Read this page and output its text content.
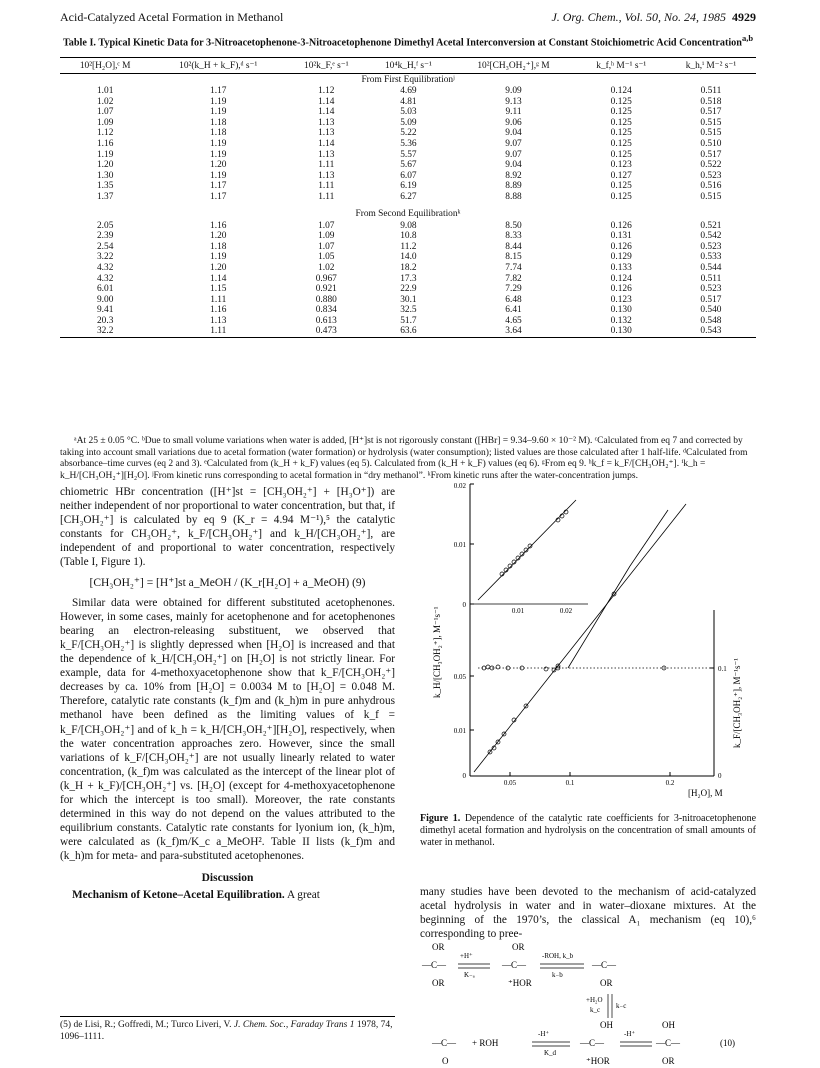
Acid-Catalyzed Acetal Formation in Methanol	J. Org. Chem., Vol. 50, No. 24, 1985 4929
Table I. Typical Kinetic Data for 3-Nitroacetophenone-3-Nitroacetophenone Dimethyl Acetal Interconversion at Constant Stoichiometric Acid Concentration$^{a,b}$
10²[H₂O],ᶜ M	10²(k_H + k_F),ᵈ s⁻¹	10²k_F,ᵉ s⁻¹	10⁴k_H,ᶠ s⁻¹	10²[CH₃OH₂⁺],ᵍ M	k_f,ʰ M⁻¹ s⁻¹	k_h,ⁱ M⁻² s⁻¹
From First Equilibrationʲ						
1.01	1.17	1.12	4.69	9.09	0.124	0.511
1.02	1.19	1.14	4.81	9.13	0.125	0.518
1.07	1.19	1.14	5.03	9.11	0.125	0.517
1.09	1.18	1.13	5.09	9.06	0.125	0.515
1.12	1.18	1.13	5.22	9.04	0.125	0.515
1.16	1.19	1.14	5.36	9.07	0.125	0.510
1.19	1.19	1.13	5.57	9.07	0.125	0.517
1.20	1.20	1.11	5.67	9.04	0.123	0.522
1.30	1.19	1.13	6.07	8.92	0.127	0.523
1.35	1.17	1.11	6.19	8.89	0.125	0.516
1.37	1.17	1.11	6.27	8.88	0.125	0.515

From Second Equilibrationᵏ						
2.05	1.16	1.07	9.08	8.50	0.126	0.521
2.39	1.20	1.09	10.8	8.33	0.131	0.542
2.54	1.18	1.07	11.2	8.44	0.126	0.523
3.22	1.19	1.05	14.0	8.15	0.129	0.533
4.32	1.20	1.02	18.2	7.74	0.133	0.544
4.32	1.14	0.967	17.3	7.82	0.124	0.511
6.01	1.15	0.921	22.9	7.29	0.126	0.523
9.00	1.11	0.880	30.1	6.48	0.123	0.517
9.41	1.16	0.834	32.5	6.41	0.130	0.540
20.3	1.13	0.613	51.7	4.65	0.132	0.548
32.2	1.11	0.473	63.6	3.64	0.130	0.543
ᵃAt 25 ± 0.05 °C. ᵇDue to small volume variations when water is added, [H⁺]st is not rigorously constant ([HBr] = 9.34–9.60 × 10⁻² M). ᶜCalculated from eq 7 and corrected by taking into account small variations due to acetal formation (water formation) or hydrolysis (water consumption); listed values are those calculated after 1 half-life. ᵈCalculated from absorbance–time curves (eq 2 and 3). ᵉCalculated from (k_H + k_F) values (eq 5). Calculated from (k_H + k_F) values (eq 6). ᵍFrom eq 9. ʰk_f = k_F/[CH₃OH₂⁺]. ⁱk_h = k_H/[CH₃OH₂⁺][H₂O]. ʲFrom kinetic runs corresponding to acetal formation in “dry methanol”. ᵏFrom kinetic runs after the water-concentration jumps.

chiometric HBr concentration ([H⁺]st = [CH₃OH₂⁺] + [H₃O⁺]) are neither independent of nor proportional to water concentration, but that, if [CH₃OH₂⁺] is calculated by eq 9 (K_r = 4.94 M⁻¹),⁵ the catalytic constants for CH₃OH₂⁺, k_F/[CH₃OH₂⁺] and k_H/[CH₃OH₂⁺], are independent of and proportional to water concentration, respectively (Table I, Figure 1).

[CH₃OH₂⁺] = [H⁺]st a_MeOH / (K_r[H₂O] + a_MeOH) (9)

Similar data were obtained for different substituted acetophenones. However, in some cases, mainly for acetophenone and for acetophenones bearing an electron-releasing substituent, we observed that k_F/[CH₃OH₂⁺] is slightly depressed when [H₂O] is increased and that the dependence of k_H/[CH₃OH₂⁺] on [H₂O] is not strictly linear. For example, data for 4-methoxyacetophenone show that k_F/[CH₃OH₂⁺] decreases by ca. 10% from [H₂O] = 0.0034 M to [H₂O] = 0.048 M. Therefore, catalytic rate constants (k_f)m and (k_h)m in pure anhydrous methanol have been defined as the limiting values of k_f = k_F/[CH₃OH₂⁺] and of k_h = k_H/[CH₃OH₂⁺][H₂O], respectively, when the water concentration approaches zero. However, since the small variations of k_F/[CH₃OH₂⁺] are not usually linearly related to water concentration, (k_f)m was calculated as the intercept of the linear plot of (k_H + k_F)/[CH₃OH₂⁺] vs. [H₂O] (except for 4-methoxyacetophenone for which the intercept is too small). Moreover, the rate constants determined in this way do not depend on the values attributed to the equilibrium constants. Catalytic rate constants for lyonium ion, (k_h)m, were calculated as (k_f)m/K_c a_MeOH². Table II lists (k_f)m and (k_h)m for meta- and para-substituted acetophenones.

Discussion

Mechanism of Ketone–Acetal Equilibration. A great

(5) de Lisi, R.; Goffredi, M.; Turco Liveri, V. J. Chem. Soc., Faraday Trans 1 1978, 74, 1096–1111.
0.02
0.01
0
0.01	0.02
0.05
0.01
0
0.05	0.1	0.2
0.1
0
[H₂O], M
k_H/[CH₃OH₂⁺], M⁻¹s⁻¹
k_F/[CH₃OH₂⁺], M⁻¹s⁻¹
Figure 1. Dependence of the catalytic rate coefficients for 3-nitroacetophenone dimethyl acetal formation and hydrolysis on the concentration of small amounts of water in methanol.
many studies have been devoted to the mechanism of acid-catalyzed acetal hydrolysis in water and in water–dioxane mixtures. At the beginning of the 1970’s, the classical A₁ mechanism (eq 10),⁶ corresponding to pree-
OR
—C—
OR
+H⁺
K₋ₐ
OR
—C—
⁺HOR
-ROH, k_b
k₋b
—C—
OR
+H₂O
k_c k₋c
OH
—C— + ROH
O
-H⁺
K_d
—C—
⁺HOR
-H⁺
OH
—C—
OR
(10)
